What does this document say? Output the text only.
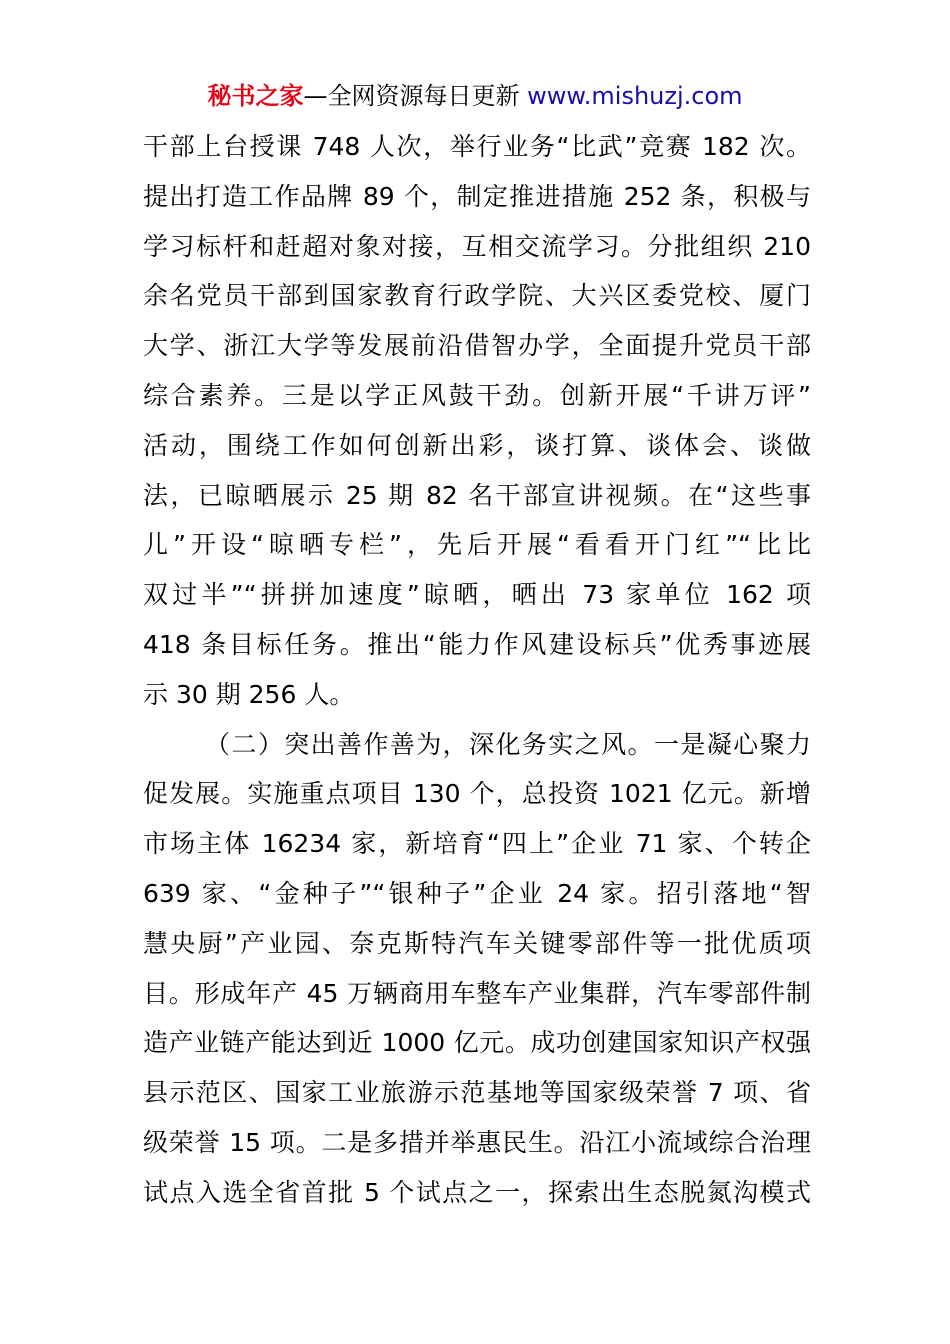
秘书之家—全网资源每日更新 www.mishuzj.com
干部上台授课 748 人次，举行业务“比武”竞赛 182 次。
提出打造工作品牌 89 个，制定推进措施 252 条，积极与
学习标杆和赶超对象对接，互相交流学习。分批组织 210
余名党员干部到国家教育行政学院、大兴区委党校、厦门
大学、浙江大学等发展前沿借智办学，全面提升党员干部
综合素养。三是以学正风鼓干劲。创新开展“千讲万评”
活动，围绕工作如何创新出彩，谈打算、谈体会、谈做
法，已晾晒展示 25 期 82 名干部宣讲视频。在“这些事
儿”开设“晾晒专栏”，先后开展“看看开门红”“比比
双过半”“拼拼加速度”晾晒，晒出 73 家单位 162 项
418 条目标任务。推出“能力作风建设标兵”优秀事迹展
示 30 期 256 人。
（二）突出善作善为，深化务实之风。一是凝心聚力
促发展。实施重点项目 130 个，总投资 1021 亿元。新增
市场主体 16234 家，新培育“四上”企业 71 家、个转企
639 家、“金种子”“银种子”企业 24 家。招引落地“智
慧央厨”产业园、奈克斯特汽车关键零部件等一批优质项
目。形成年产 45 万辆商用车整车产业集群，汽车零部件制
造产业链产能达到近 1000 亿元。成功创建国家知识产权强
县示范区、国家工业旅游示范基地等国家级荣誉 7 项、省
级荣誉 15 项。二是多措并举惠民生。沿江小流域综合治理
试点入选全省首批 5 个试点之一，探索出生态脱氮沟模式
